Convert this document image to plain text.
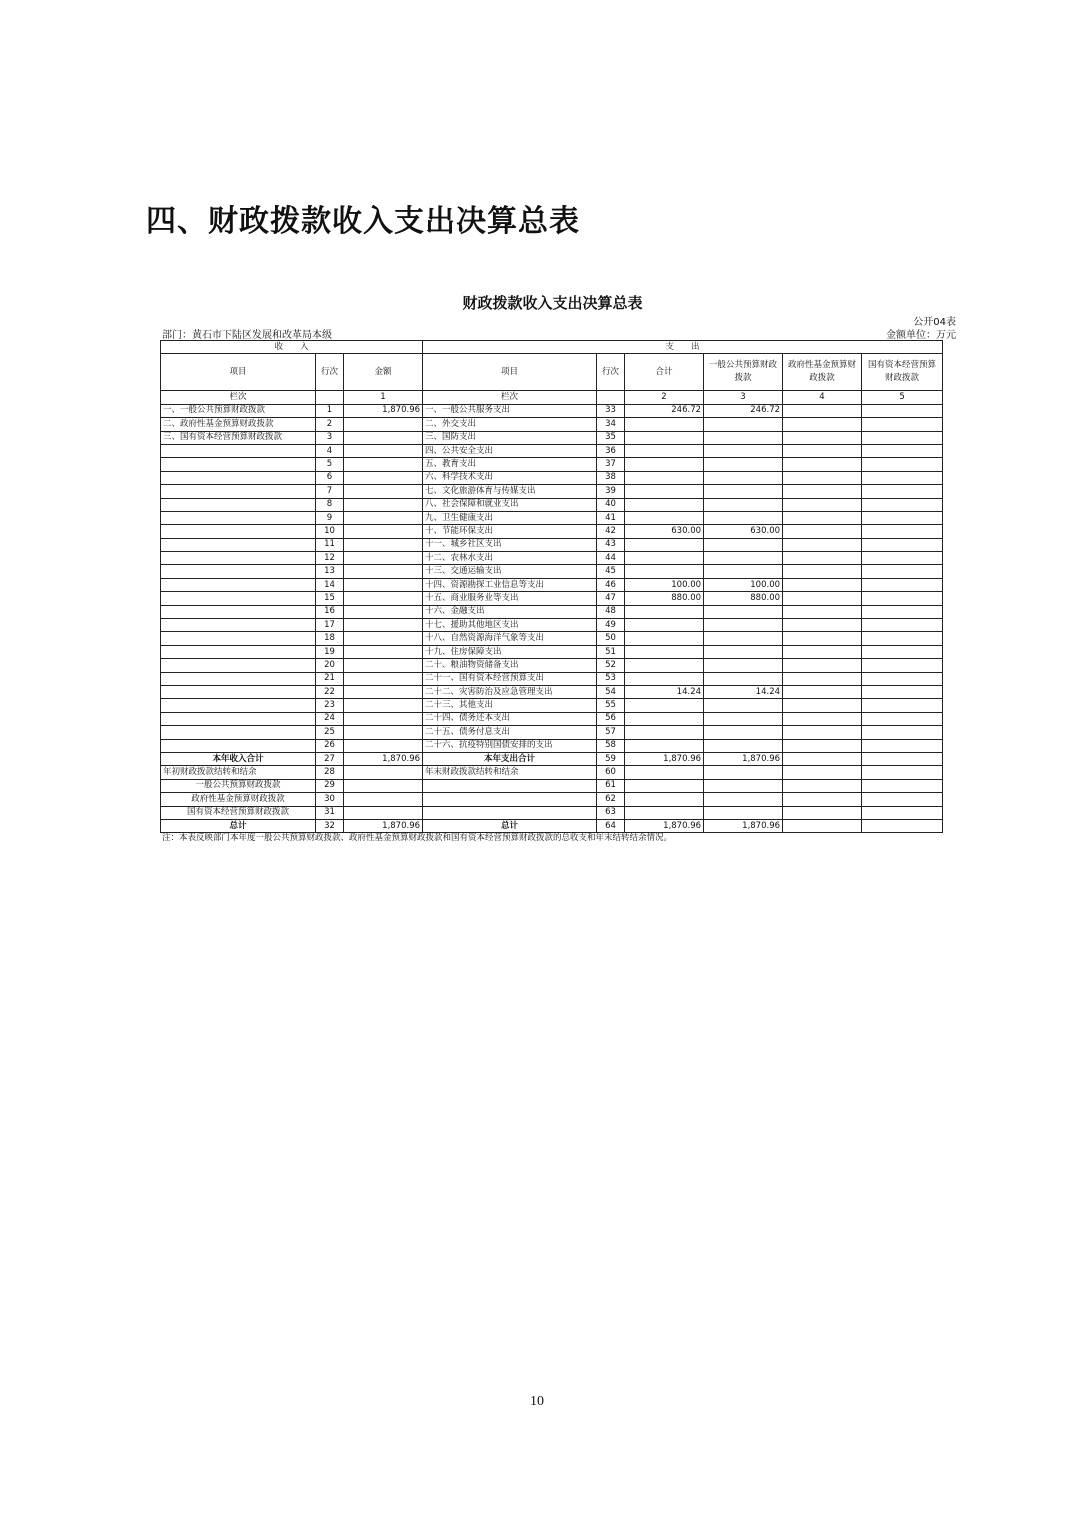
四、财政拨款收入支出决算总表
财政拨款收入支出决算总表
公开04表
部门：黄石市下陆区发展和改革局本级	金额单位：万元
收　　入			支　　出					
项目	行次	金额	项目	行次	合计	一般公共预算财政拨款	政府性基金预算财政拨款	国有资本经营预算财政拨款
栏次		1	栏次		2	3	4	5
一、一般公共预算财政拨款	1	1,870.96	一、一般公共服务支出	33	246.72	246.72		
二、政府性基金预算财政拨款	2		二、外交支出	34				
三、国有资本经营预算财政拨款	3		三、国防支出	35				
	4		四、公共安全支出	36				
	5		五、教育支出	37				
	6		六、科学技术支出	38				
	7		七、文化旅游体育与传媒支出	39				
	8		八、社会保障和就业支出	40				
	9		九、卫生健康支出	41				
	10		十、节能环保支出	42	630.00	630.00		
	11		十一、城乡社区支出	43				
	12		十二、农林水支出	44				
	13		十三、交通运输支出	45				
	14		十四、资源勘探工业信息等支出	46	100.00	100.00		
	15		十五、商业服务业等支出	47	880.00	880.00		
	16		十六、金融支出	48				
	17		十七、援助其他地区支出	49				
	18		十八、自然资源海洋气象等支出	50				
	19		十九、住房保障支出	51				
	20		二十、粮油物资储备支出	52				
	21		二十一、国有资本经营预算支出	53				
	22		二十二、灾害防治及应急管理支出	54	14.24	14.24		
	23		二十三、其他支出	55				
	24		二十四、债务还本支出	56				
	25		二十五、债务付息支出	57				
	26		二十六、抗疫特别国债安排的支出	58				
本年收入合计	27	1,870.96	本年支出合计	59	1,870.96	1,870.96		
年初财政拨款结转和结余	28		年末财政拨款结转和结余	60				
一般公共预算财政拨款	29			61				
政府性基金预算财政拨款	30			62				
国有资本经营预算财政拨款	31			63				
总计	32	1,870.96	总计	64	1,870.96	1,870.96		
注：本表反映部门本年度一般公共预算财政拨款、政府性基金预算财政拨款和国有资本经营预算财政拨款的总收支和年末结转结余情况。
10
